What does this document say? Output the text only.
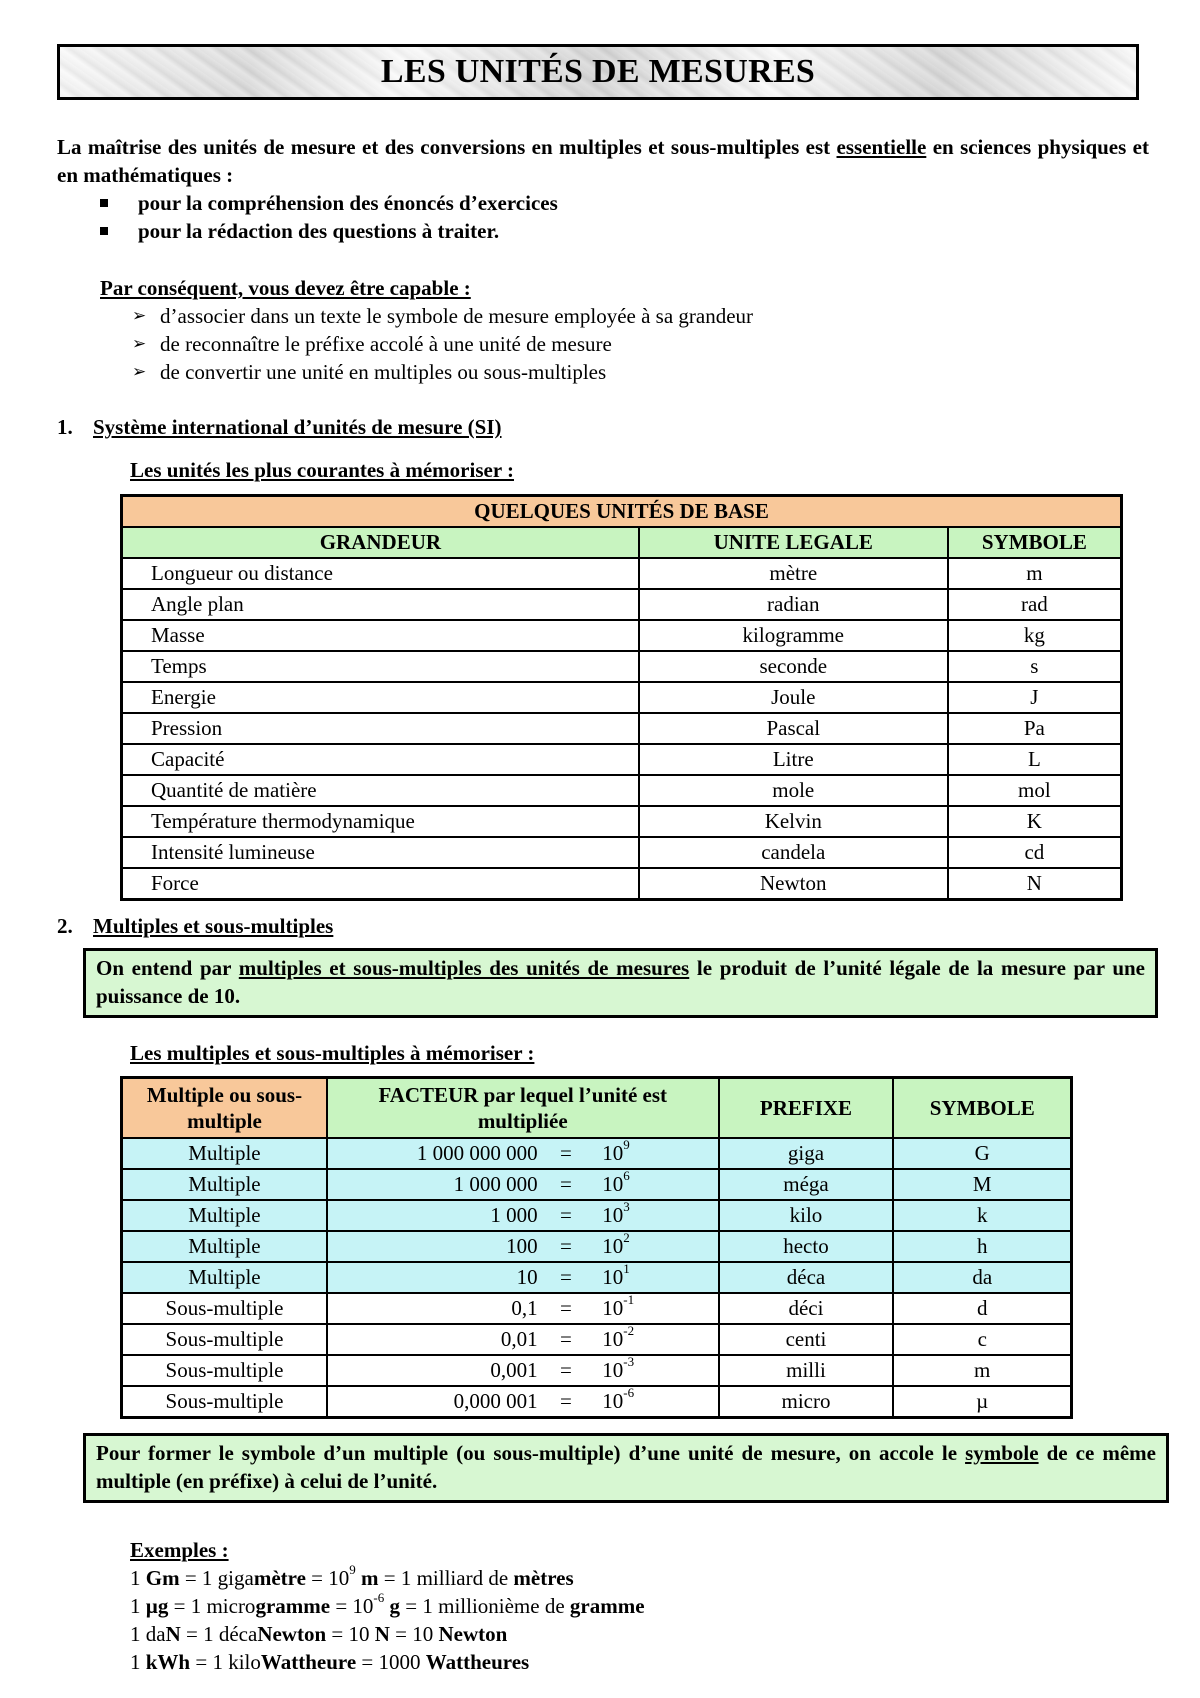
LES UNITÉS DE MESURES

La maîtrise des unités de mesure et des conversions en multiples et sous-multiples est essentielle en sciences physiques et en mathématiques :

pour la compréhension des énoncés d’exercices
pour la rédaction des questions à traiter.
Par conséquent, vous devez être capable :
➢ d’associer dans un texte le symbole de mesure employée à sa grandeur
➢ de reconnaître le préfixe accolé à une unité de mesure
➢ de convertir une unité en multiples ou sous-multiples
1. Système international d’unités de mesure (SI)
Les unités les plus courantes à mémoriser :
QUELQUES UNITÉS DE BASE		
GRANDEUR	UNITE LEGALE	SYMBOLE
Longueur ou distance	mètre	m
Angle plan	radian	rad
Masse	kilogramme	kg
Temps	seconde	s
Energie	Joule	J
Pression	Pascal	Pa
Capacité	Litre	L
Quantité de matière	mole	mol
Température thermodynamique	Kelvin	K
Intensité lumineuse	candela	cd
Force	Newton	N
2. Multiples et sous-multiples
On entend par multiples et sous-multiples des unités de mesures le produit de l’unité légale de la mesure par une puissance de 10.
Les multiples et sous-multiples à mémoriser :
Multiple ou sous-multiple	FACTEUR par lequel l’unité est multipliée			PREFIXE	SYMBOLE
Multiple	1 000 000 000	=	$10^9$	giga	G
Multiple	1 000 000	=	$10^6$	méga	M
Multiple	1 000	=	$10^3$	kilo	k
Multiple	100	=	$10^2$	hecto	h
Multiple	10	=	$10^1$	déca	da
Sous-multiple	0,1	=	$10^{-1}$	déci	d
Sous-multiple	0,01	=	$10^{-2}$	centi	c
Sous-multiple	0,001	=	$10^{-3}$	milli	m
Sous-multiple	0,000 001	=	$10^{-6}$	micro	µ
Pour former le symbole d’un multiple (ou sous-multiple) d’une unité de mesure, on accole le symbole de ce même multiple (en préfixe) à celui de l’unité.
Exemples :
1 Gm = 1 gigamètre = $10^9$ m = 1 milliard de mètres
1 µg = 1 microgramme = $10^{-6}$ g = 1 millionième de gramme
1 daN = 1 décaNewton = 10 N = 10 Newton
1 kWh = 1 kiloWattheure = 1000 Wattheures
